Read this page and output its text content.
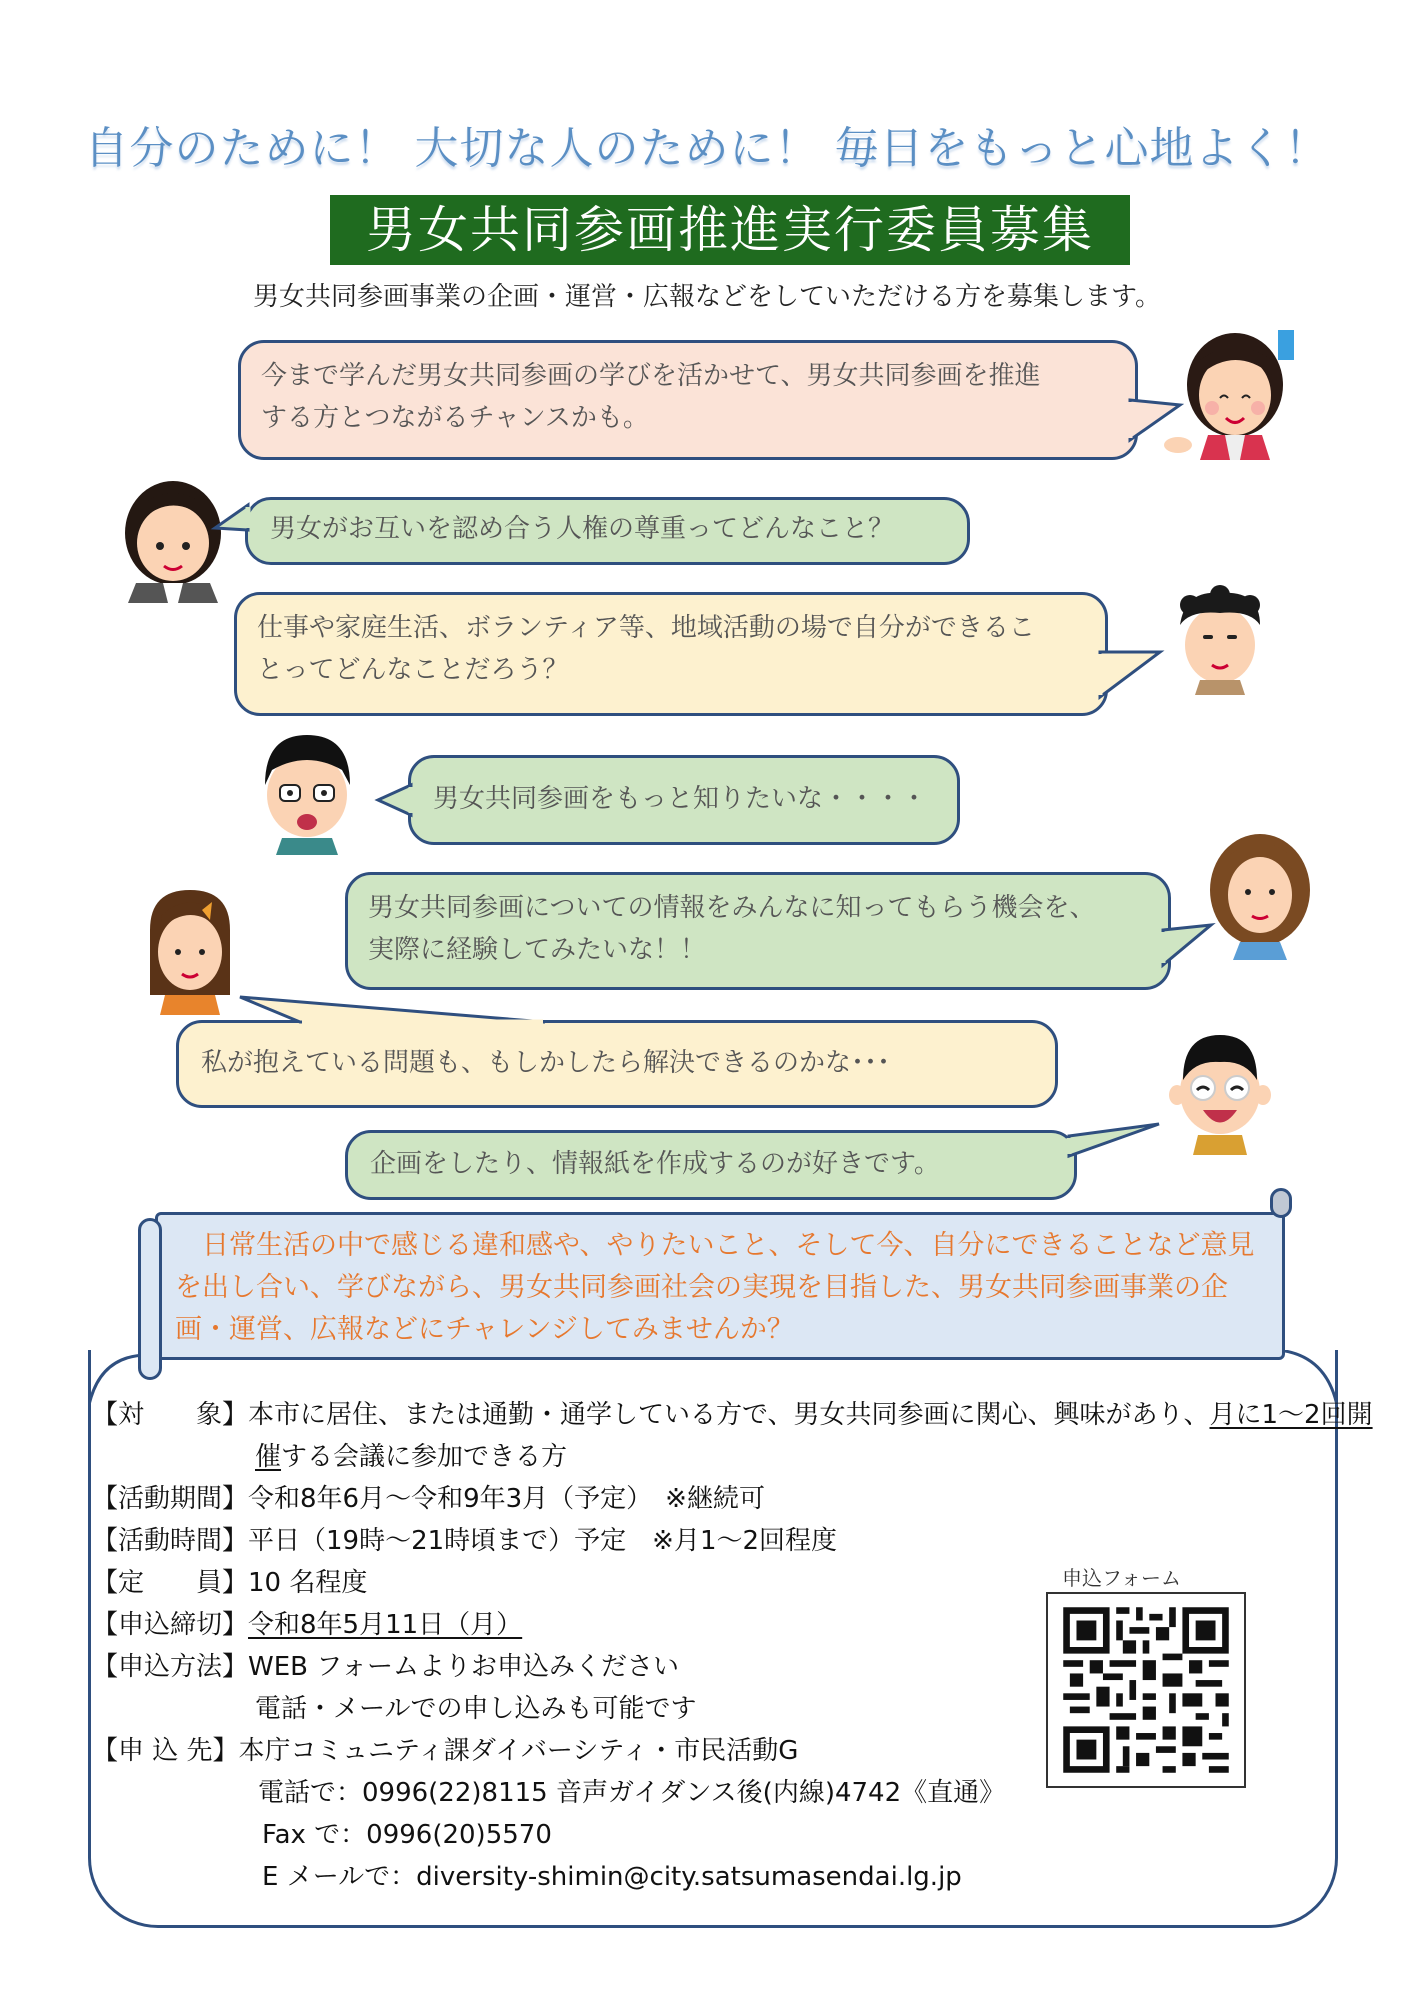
自分のために！ 大切な人のために！ 毎日をもっと心地よく！
男女共同参画推進実行委員募集
男女共同参画事業の企画・運営・広報などをしていただける方を募集します。
今まで学んだ男女共同参画の学びを活かせて、男女共同参画を推進
する方とつながるチャンスかも。
男女がお互いを認め合う人権の尊重ってどんなこと？
仕事や家庭生活、ボランティア等、地域活動の場で自分ができるこ
とってどんなことだろう？
男女共同参画をもっと知りたいな・・・・
男女共同参画についての情報をみんなに知ってもらう機会を、
実際に経験してみたいな！！
私が抱えている問題も、もしかしたら解決できるのかな･･･
企画をしたり、情報紙を作成するのが好きです。
　日常生活の中で感じる違和感や、やりたいこと、そして今、自分にできることなど意見を出し合い、学びながら、男女共同参画社会の実現を目指した、男女共同参画事業の企画・運営、広報などにチャレンジしてみませんか？
【対　　象】本市に居住、または通勤・通学している方で、男女共同参画に関心、興味があり、月に1～2回開
催する会議に参加できる方
【活動期間】令和8年6月～令和9年3月（予定）　※継続可
【活動時間】平日（19時～21時頃まで）予定　※月1～2回程度
【定　　員】10 名程度
【申込締切】令和8年5月11日（月）
【申込方法】WEB フォームよりお申込みください
電話・メールでの申し込みも可能です
【申 込 先】本庁コミュニティ課ダイバーシティ・市民活動G
電話で：0996(22)8115 音声ガイダンス後(内線)4742《直通》
Fax で：0996(20)5570
E メールで：diversity-shimin@city.satsumasendai.lg.jp
申込フォーム
